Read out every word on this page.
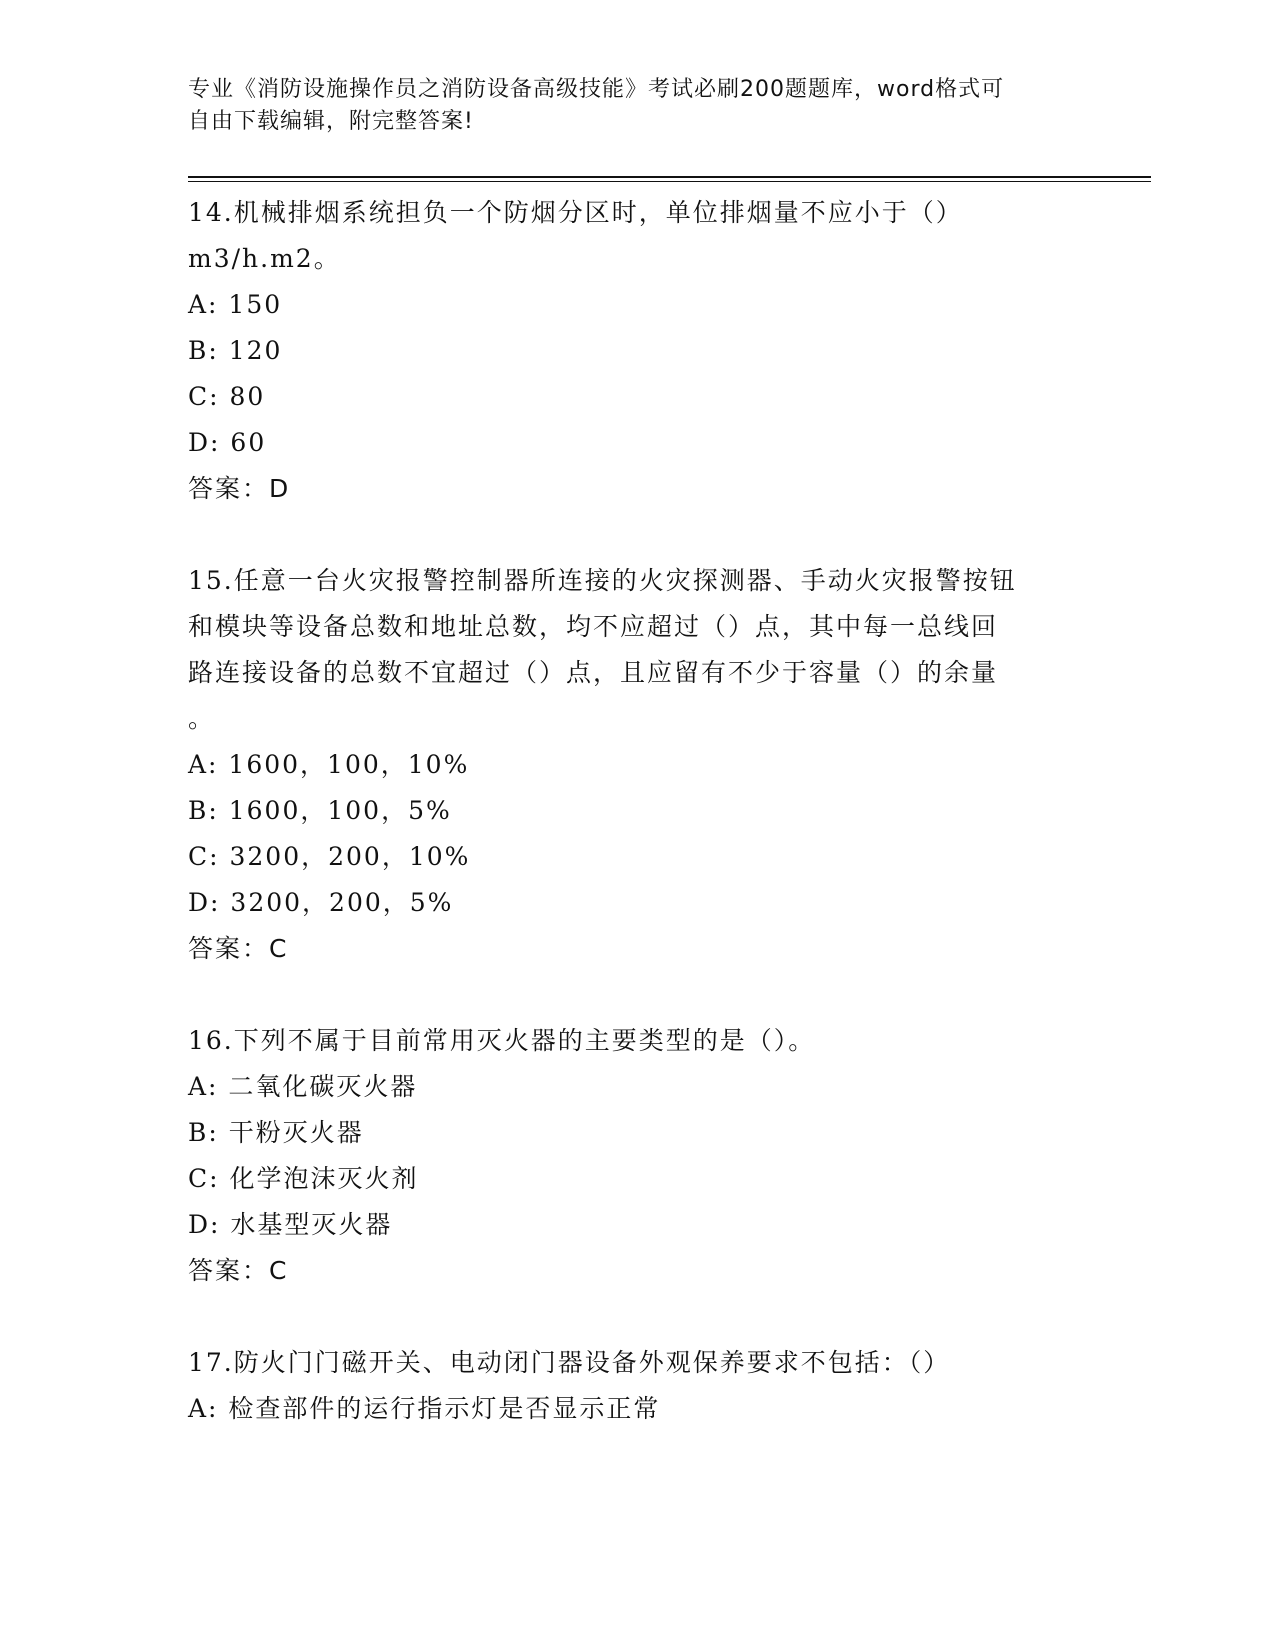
专业《消防设施操作员之消防设备高级技能》考试必刷200题题库，word格式可
自由下载编辑，附完整答案!
14.机械排烟系统担负一个防烟分区时，单位排烟量不应小于（）
m3/h.m2。
A: 150
B: 120
C: 80
D: 60
答案：D
15.任意一台火灾报警控制器所连接的火灾探测器、手动火灾报警按钮
和模块等设备总数和地址总数，均不应超过（）点，其中每一总线回
路连接设备的总数不宜超过（）点，且应留有不少于容量（）的余量
。
A: 1600，100，10%
B: 1600，100，5%
C: 3200，200，10%
D: 3200，200，5%
答案：C
16.下列不属于目前常用灭火器的主要类型的是（）。
A: 二氧化碳灭火器
B: 干粉灭火器
C: 化学泡沫灭火剂
D: 水基型灭火器
答案：C
17.防火门门磁开关、电动闭门器设备外观保养要求不包括：（）
A: 检查部件的运行指示灯是否显示正常
